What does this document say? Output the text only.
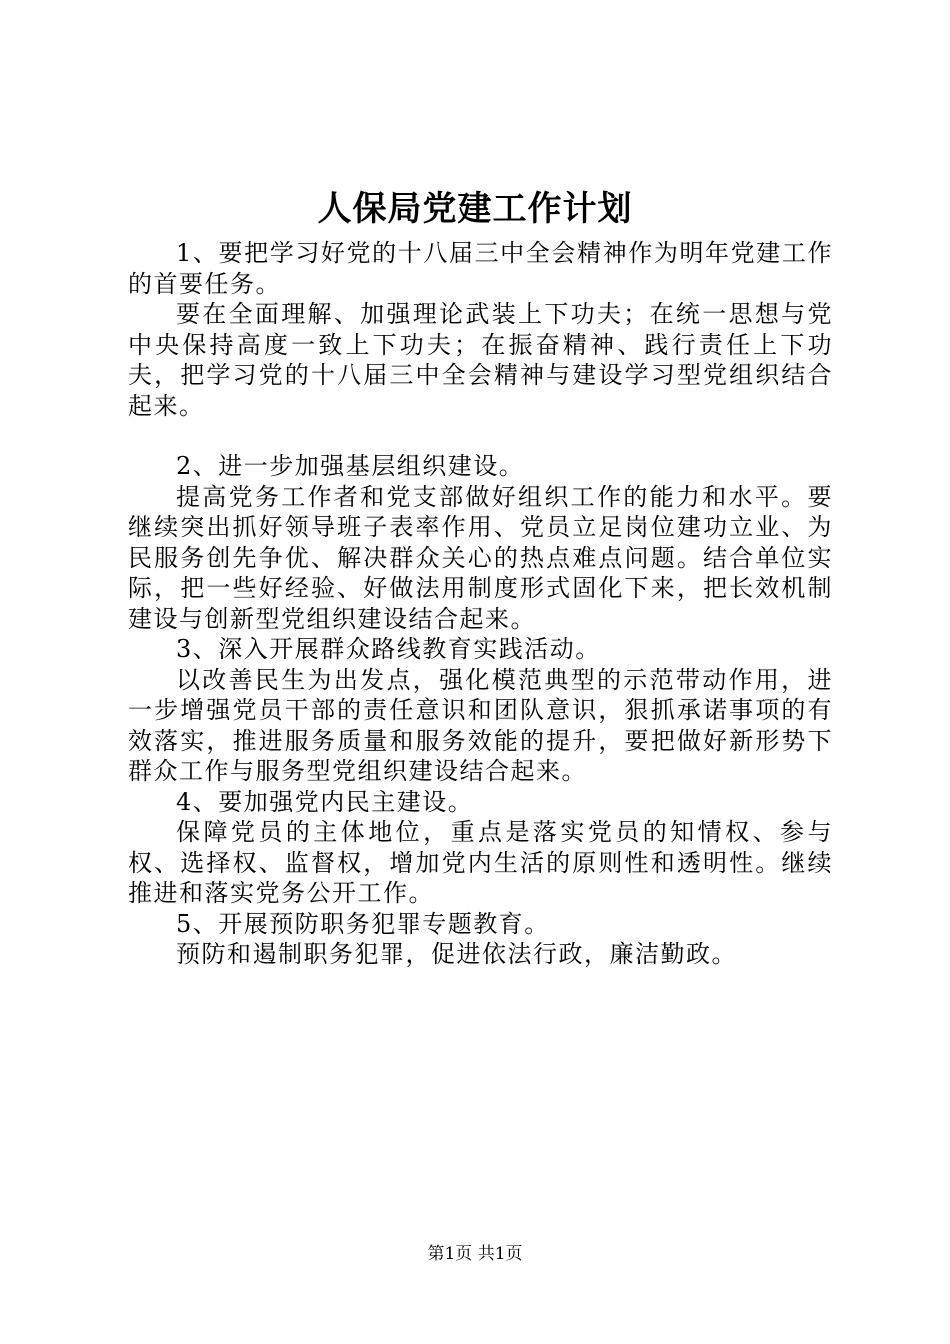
人保局党建工作计划

1、要把学习好党的十八届三中全会精神作为明年党建工作的首要任务。

要在全面理解、加强理论武装上下功夫；在统一思想与党中央保持高度一致上下功夫；在振奋精神、践行责任上下功夫，把学习党的十八届三中全会精神与建设学习型党组织结合起来。

2、进一步加强基层组织建设。

提高党务工作者和党支部做好组织工作的能力和水平。要继续突出抓好领导班子表率作用、党员立足岗位建功立业、为民服务创先争优、解决群众关心的热点难点问题。结合单位实际，把一些好经验、好做法用制度形式固化下来，把长效机制建设与创新型党组织建设结合起来。

3、深入开展群众路线教育实践活动。

以改善民生为出发点，强化模范典型的示范带动作用，进一步增强党员干部的责任意识和团队意识，狠抓承诺事项的有效落实，推进服务质量和服务效能的提升，要把做好新形势下群众工作与服务型党组织建设结合起来。

4、要加强党内民主建设。

保障党员的主体地位，重点是落实党员的知情权、参与权、选择权、监督权，增加党内生活的原则性和透明性。继续推进和落实党务公开工作。

5、开展预防职务犯罪专题教育。

预防和遏制职务犯罪，促进依法行政，廉洁勤政。

第1页 共1页
